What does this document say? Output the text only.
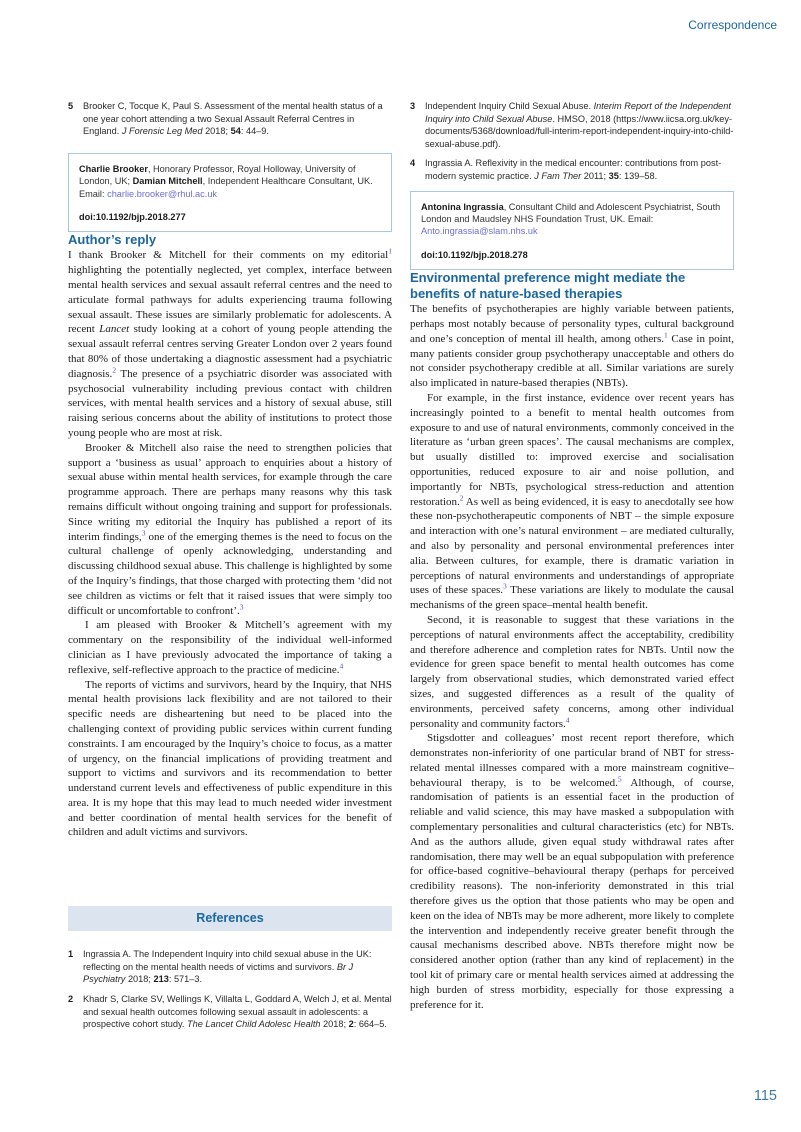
Correspondence
5	Brooker C, Tocque K, Paul S. Assessment of the mental health status of a one year cohort attending a two Sexual Assault Referral Centres in England. J Forensic Leg Med 2018; 54: 44–9.
Charlie Brooker, Honorary Professor, Royal Holloway, University of London, UK; Damian Mitchell, Independent Healthcare Consultant, UK. Email: charlie.brooker@rhul.ac.uk
doi:10.1192/bjp.2018.277
Author’s reply

I thank Brooker & Mitchell for their comments on my editorial$^1$ highlighting the potentially neglected, yet complex, interface between mental health services and sexual assault referral centres and the need to articulate formal pathways for adults experiencing trauma following sexual assault. These issues are similarly problematic for adolescents. A recent Lancet study looking at a cohort of young people attending the sexual assault referral centres serving Greater London over 2 years found that 80% of those undertaking a diagnostic assessment had a psychiatric diagnosis.$^2$ The presence of a psychiatric disorder was associated with psychosocial vulnerability including previous contact with children services, with mental health services and a history of sexual abuse, still raising serious concerns about the ability of institutions to protect those young people who are most at risk.

Brooker & Mitchell also raise the need to strengthen policies that support a ‘business as usual’ approach to enquiries about a history of sexual abuse within mental health services, for example through the care programme approach. There are perhaps many reasons why this task remains difficult without ongoing training and support for professionals. Since writing my editorial the Inquiry has published a report of its interim findings,$^3$ one of the emerging themes is the need to focus on the cultural challenge of openly acknowledging, understanding and discussing childhood sexual abuse. This challenge is highlighted by some of the Inquiry’s findings, that those charged with protecting them ‘did not see children as victims or felt that it raised issues that were simply too difficult or uncomfortable to confront’.$^3$

I am pleased with Brooker & Mitchell’s agreement with my commentary on the responsibility of the individual well-informed clinician as I have previously advocated the importance of taking a reflexive, self-reflective approach to the practice of medicine.$^4$

The reports of victims and survivors, heard by the Inquiry, that NHS mental health provisions lack flexibility and are not tailored to their specific needs are disheartening but need to be placed into the challenging context of providing public services within current funding constraints. I am encouraged by the Inquiry’s choice to focus, as a matter of urgency, on the financial implications of providing treatment and support to victims and survivors and its recommendation to better understand current levels and effectiveness of public expenditure in this area. It is my hope that this may lead to much needed wider investment and better coordination of mental health services for the benefit of children and adult victims and survivors.

References
1	Ingrassia A. The Independent Inquiry into child sexual abuse in the UK: reflecting on the mental health needs of victims and survivors. Br J Psychiatry 2018; 213: 571–3.
2	Khadr S, Clarke SV, Wellings K, Villalta L, Goddard A, Welch J, et al. Mental and sexual health outcomes following sexual assault in adolescents: a prospective cohort study. The Lancet Child Adolesc Health 2018; 2: 664–5.
3	Independent Inquiry Child Sexual Abuse. Interim Report of the Independent Inquiry into Child Sexual Abuse. HMSO, 2018 (https://www.iicsa.org.uk/key-documents/5368/download/full-interim-report-independent-inquiry-into-child-sexual-abuse.pdf).
4	Ingrassia A. Reflexivity in the medical encounter: contributions from post-modern systemic practice. J Fam Ther 2011; 35: 139–58.
Antonina Ingrassia, Consultant Child and Adolescent Psychiatrist, South London and Maudsley NHS Foundation Trust, UK. Email: Anto.ingrassia@slam.nhs.uk
doi:10.1192/bjp.2018.278
Environmental preference might mediate the benefits of nature-based therapies

The benefits of psychotherapies are highly variable between patients, perhaps most notably because of personality types, cultural background and one’s conception of mental ill health, among others.$^1$ Case in point, many patients consider group psychotherapy unacceptable and others do not consider psychotherapy credible at all. Similar variations are surely also implicated in nature-based therapies (NBTs).

For example, in the first instance, evidence over recent years has increasingly pointed to a benefit to mental health outcomes from exposure to and use of natural environments, commonly conceived in the literature as ‘urban green spaces’. The causal mechanisms are complex, but usually distilled to: improved exercise and socialisation opportunities, reduced exposure to air and noise pollution, and importantly for NBTs, psychological stress-reduction and attention restoration.$^2$ As well as being evidenced, it is easy to anecdotally see how these non-psychotherapeutic components of NBT – the simple exposure and interaction with one’s natural environment – are mediated culturally, and also by personality and personal environmental preferences inter alia. Between cultures, for example, there is dramatic variation in perceptions of natural environments and understandings of appropriate uses of these spaces.$^3$ These variations are likely to modulate the causal mechanisms of the green space–mental health benefit.

Second, it is reasonable to suggest that these variations in the perceptions of natural environments affect the acceptability, credibility and therefore adherence and completion rates for NBTs. Until now the evidence for green space benefit to mental health outcomes has come largely from observational studies, which demonstrated varied effect sizes, and suggested differences as a result of the quality of environments, perceived safety concerns, among other individual personality and community factors.$^4$

Stigsdotter and colleagues’ most recent report therefore, which demonstrates non-inferiority of one particular brand of NBT for stress-related mental illnesses compared with a more mainstream cognitive–behavioural therapy, is to be welcomed.$^5$ Although, of course, randomisation of patients is an essential facet in the production of reliable and valid science, this may have masked a subpopulation with complementary personalities and cultural characteristics (etc) for NBTs. And as the authors allude, given equal study withdrawal rates after randomisation, there may well be an equal subpopulation with preference for office-based cognitive–behavioural therapy (perhaps for perceived credibility reasons). The non-inferiority demonstrated in this trial therefore gives us the option that those patients who may be open and keen on the idea of NBTs may be more adherent, more likely to complete the intervention and independently receive greater benefit through the causal mechanisms described above. NBTs therefore might now be considered another option (rather than any kind of replacement) in the tool kit of primary care or mental health services aimed at addressing the high burden of stress morbidity, especially for those expressing a preference for it.

115
